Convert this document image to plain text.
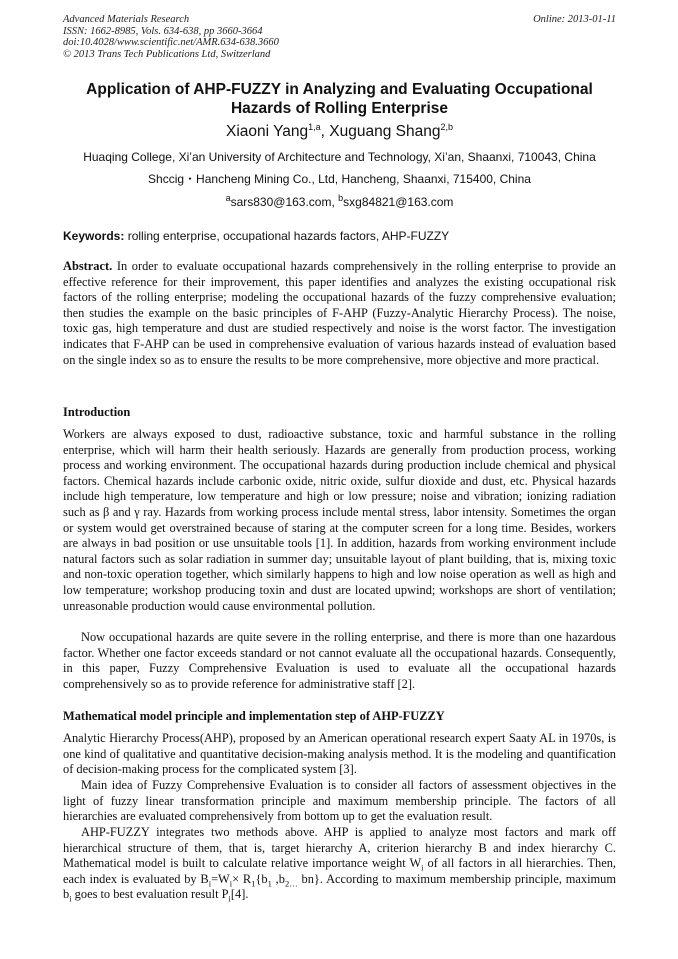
Advanced Materials Research
ISSN: 1662-8985, Vols. 634-638, pp 3660-3664
doi:10.4028/www.scientific.net/AMR.634-638.3660
© 2013 Trans Tech Publications Ltd, Switzerland
Online: 2013-01-11
Application of AHP-FUZZY in Analyzing and Evaluating Occupational Hazards of Rolling Enterprise
Xiaoni Yang$^{1,a}$, Xuguang Shang$^{2,b}$
Huaqing College, Xi’an University of Architecture and Technology, Xi’an, Shaanxi, 710043, China
Shccig・Hancheng Mining Co., Ltd, Hancheng, Shaanxi, 715400, China
$^a$sars830@163.com, $^b$sxg84821@163.com
Keywords: rolling enterprise, occupational hazards factors, AHP-FUZZY
Abstract. In order to evaluate occupational hazards comprehensively in the rolling enterprise to provide an effective reference for their improvement, this paper identifies and analyzes the existing occupational risk factors of the rolling enterprise; modeling the occupational hazards of the fuzzy comprehensive evaluation; then studies the example on the basic principles of F-AHP (Fuzzy-Analytic Hierarchy Process). The noise, toxic gas, high temperature and dust are studied respectively and noise is the worst factor. The investigation indicates that F-AHP can be used in comprehensive evaluation of various hazards instead of evaluation based on the single index so as to ensure the results to be more comprehensive, more objective and more practical.
Introduction
Workers are always exposed to dust, radioactive substance, toxic and harmful substance in the rolling enterprise, which will harm their health seriously. Hazards are generally from production process, working process and working environment. The occupational hazards during production include chemical and physical factors. Chemical hazards include carbonic oxide, nitric oxide, sulfur dioxide and dust, etc. Physical hazards include high temperature, low temperature and high or low pressure; noise and vibration; ionizing radiation such as β and γ ray. Hazards from working process include mental stress, labor intensity. Sometimes the organ or system would get overstrained because of staring at the computer screen for a long time. Besides, workers are always in bad position or use unsuitable tools [1]. In addition, hazards from working environment include natural factors such as solar radiation in summer day; unsuitable layout of plant building, that is, mixing toxic and non-toxic operation together, which similarly happens to high and low noise operation as well as high and low temperature; workshop producing toxin and dust are located upwind; workshops are short of ventilation; unreasonable production would cause environmental pollution.
Now occupational hazards are quite severe in the rolling enterprise, and there is more than one hazardous factor. Whether one factor exceeds standard or not cannot evaluate all the occupational hazards. Consequently, in this paper, Fuzzy Comprehensive Evaluation is used to evaluate all the occupational hazards comprehensively so as to provide reference for administrative staff [2].
Mathematical model principle and implementation step of AHP-FUZZY
Analytic Hierarchy Process(AHP), proposed by an American operational research expert Saaty AL in 1970s, is one kind of qualitative and quantitative decision-making analysis method. It is the modeling and quantification of decision-making process for the complicated system [3].
Main idea of Fuzzy Comprehensive Evaluation is to consider all factors of assessment objectives in the light of fuzzy linear transformation principle and maximum membership principle. The factors of all hierarchies are evaluated comprehensively from bottom up to get the evaluation result.
AHP-FUZZY integrates two methods above. AHP is applied to analyze most factors and mark off hierarchical structure of them, that is, target hierarchy A, criterion hierarchy B and index hierarchy C. Mathematical model is built to calculate relative importance weight $W_i$ of all factors in all hierarchies. Then, each index is evaluated by $B_i=W_i\times R_1\{b_1$ $,b_{2\dots}$ bn}. According to maximum membership principle, maximum $b_i$ goes to best evaluation result $P_i[4]$.
